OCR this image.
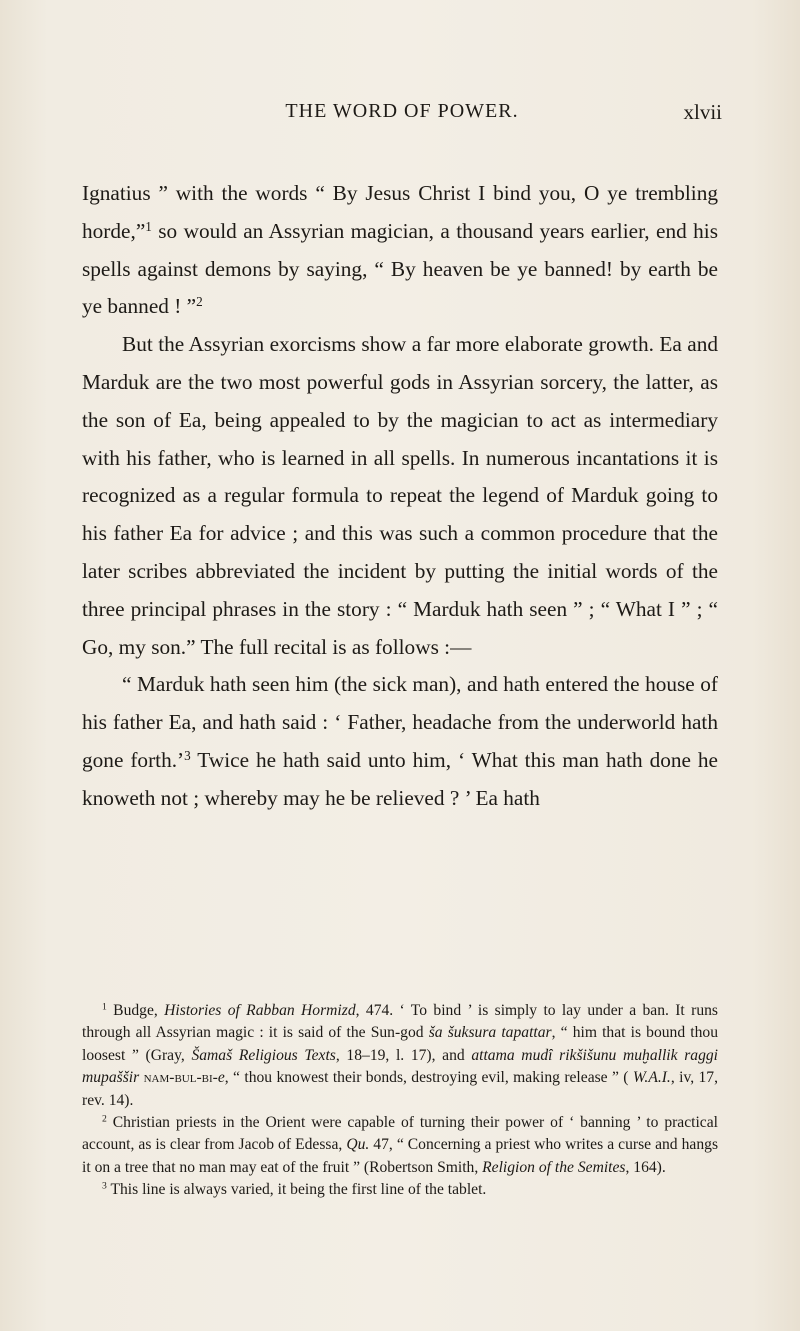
THE WORD OF POWER.	xlvii

Ignatius ” with the words “ By Jesus Christ I bind you, O ye trembling horde,”$^1$ so would an Assyrian magician, a thousand years earlier, end his spells against demons by saying, “ By heaven be ye banned! by earth be ye banned ! ”$^2$

But the Assyrian exorcisms show a far more elaborate growth. Ea and Marduk are the two most powerful gods in Assyrian sorcery, the latter, as the son of Ea, being appealed to by the magician to act as intermediary with his father, who is learned in all spells. In numerous incantations it is recognized as a regular formula to repeat the legend of Marduk going to his father Ea for advice ; and this was such a common procedure that the later scribes abbreviated the incident by putting the initial words of the three principal phrases in the story : “ Marduk hath seen ” ; “ What I ” ; “ Go, my son.” The full recital is as follows :—

“ Marduk hath seen him (the sick man), and hath entered the house of his father Ea, and hath said : ‘ Father, headache from the underworld hath gone forth.’$^3$ Twice he hath said unto him, ‘ What this man hath done he knoweth not ; whereby may he be relieved ? ’ Ea hath

$^1$ Budge, Histories of Rabban Hormizd, 474. ‘ To bind ’ is simply to lay under a ban. It runs through all Assyrian magic : it is said of the Sun-god ša šuksura tapattar, “ him that is bound thou loosest ” (Gray, Šamaš Religious Texts, 18–19, l. 17), and attama mudî rikšišunu muḫallik raggi mupaššir nam-bul-bi-e, “ thou knowest their bonds, destroying evil, making release ” ( W.A.I., iv, 17, rev. 14).

$^2$ Christian priests in the Orient were capable of turning their power of ‘ banning ’ to practical account, as is clear from Jacob of Edessa, Qu. 47, “ Concerning a priest who writes a curse and hangs it on a tree that no man may eat of the fruit ” (Robertson Smith, Religion of the Semites, 164).

$^3$ This line is always varied, it being the first line of the tablet.
